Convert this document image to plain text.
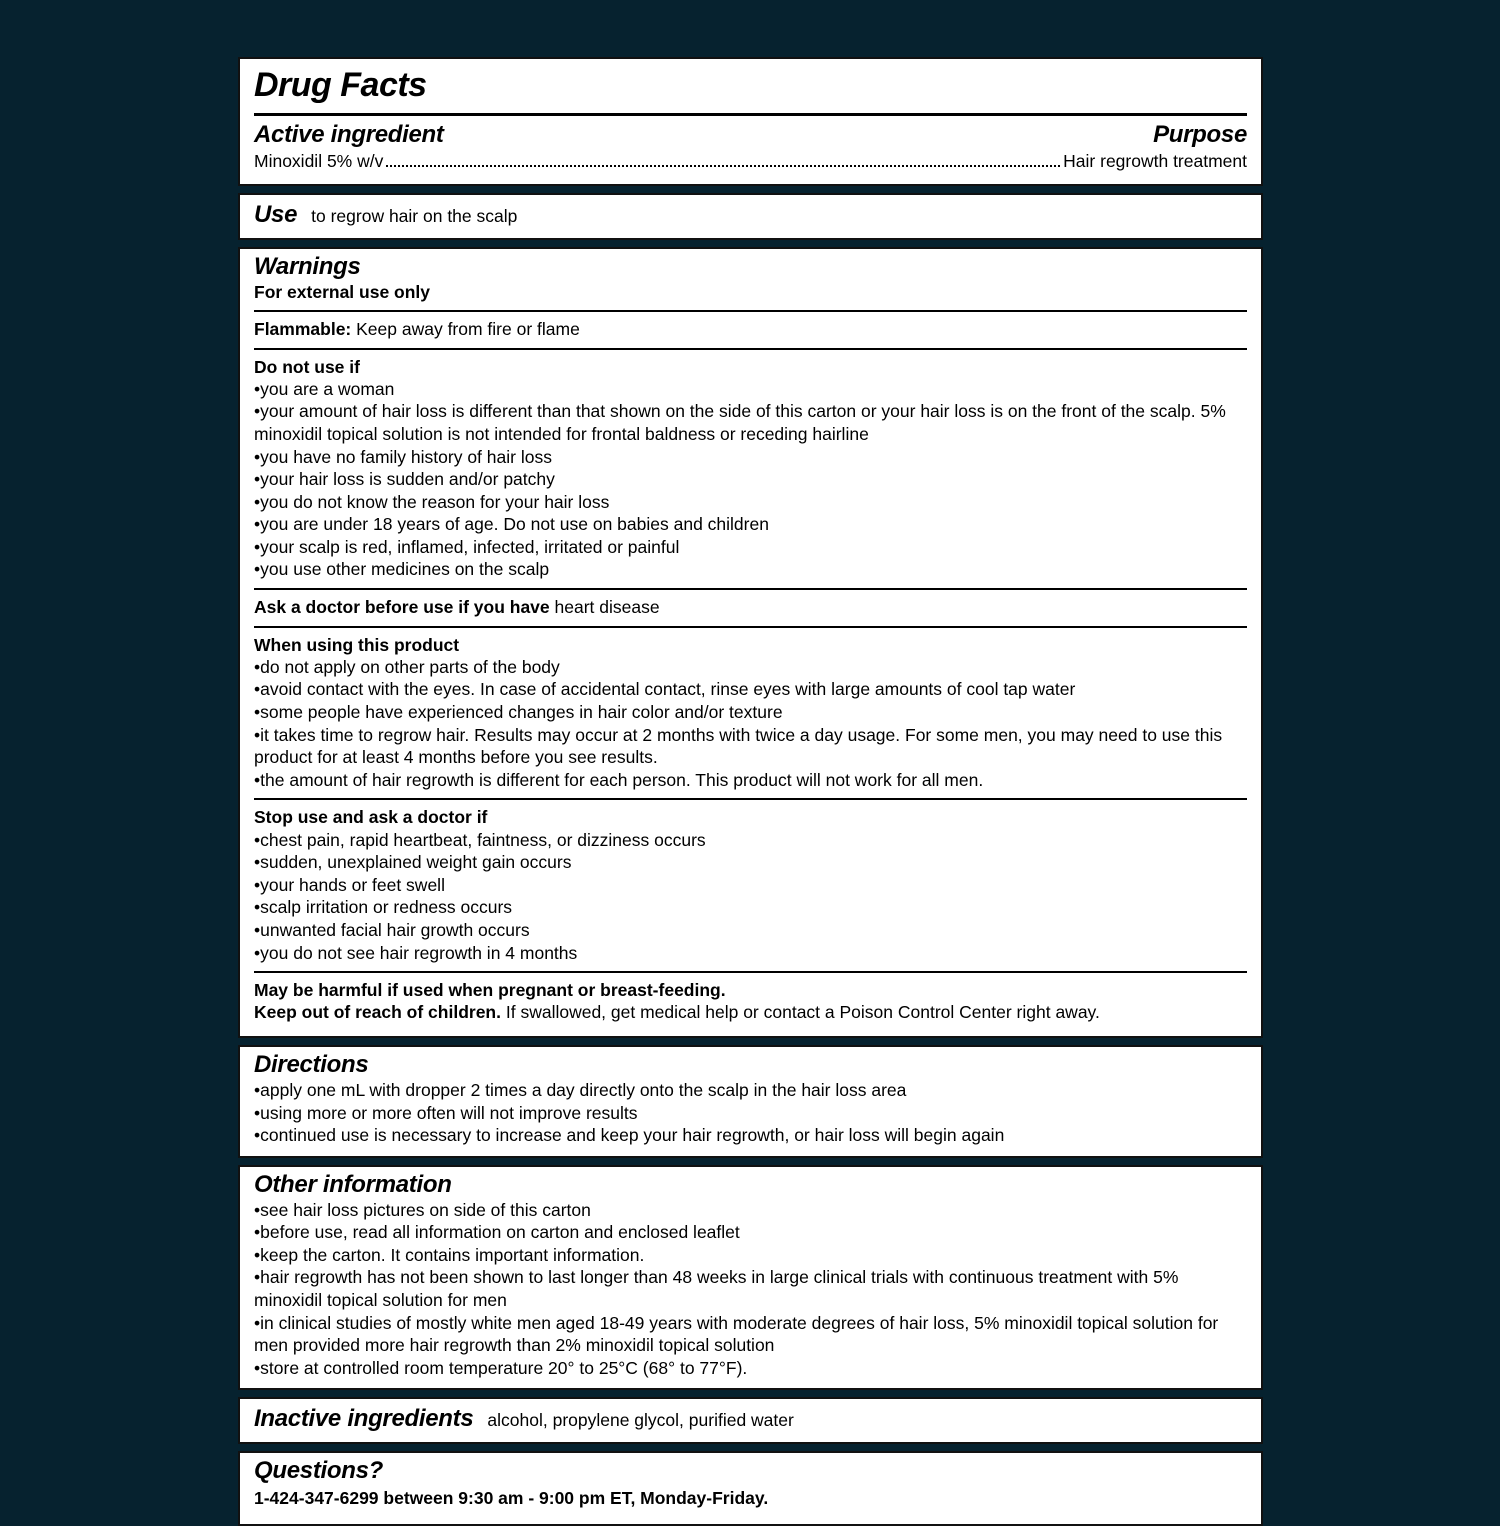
Drug Facts
Active ingredient	Purpose
Minoxidil 5% w/v	Hair regrowth treatment
Use to regrow hair on the scalp
Warnings
For external use only
Flammable: Keep away from fire or flame
Do not use if
• you are a woman
• your amount of hair loss is different than that shown on the side of this carton or your hair loss is on the front of the scalp. 5% minoxidil topical solution is not intended for frontal baldness or receding hairline
• you have no family history of hair loss
• your hair loss is sudden and/or patchy
• you do not know the reason for your hair loss
• you are under 18 years of age. Do not use on babies and children
• your scalp is red, inflamed, infected, irritated or painful
• you use other medicines on the scalp
Ask a doctor before use if you have heart disease
When using this product
• do not apply on other parts of the body
• avoid contact with the eyes. In case of accidental contact, rinse eyes with large amounts of cool tap water
• some people have experienced changes in hair color and/or texture
• it takes time to regrow hair. Results may occur at 2 months with twice a day usage. For some men, you may need to use this product for at least 4 months before you see results.
• the amount of hair regrowth is different for each person. This product will not work for all men.
Stop use and ask a doctor if
• chest pain, rapid heartbeat, faintness, or dizziness occurs
• sudden, unexplained weight gain occurs
• your hands or feet swell
• scalp irritation or redness occurs
• unwanted facial hair growth occurs
• you do not see hair regrowth in 4 months
May be harmful if used when pregnant or breast-feeding.
Keep out of reach of children. If swallowed, get medical help or contact a Poison Control Center right away.
Directions
• apply one mL with dropper 2 times a day directly onto the scalp in the hair loss area
• using more or more often will not improve results
• continued use is necessary to increase and keep your hair regrowth, or hair loss will begin again
Other information
• see hair loss pictures on side of this carton
• before use, read all information on carton and enclosed leaflet
• keep the carton. It contains important information.
• hair regrowth has not been shown to last longer than 48 weeks in large clinical trials with continuous treatment with 5% minoxidil topical solution for men
• in clinical studies of mostly white men aged 18-49 years with moderate degrees of hair loss, 5% minoxidil topical solution for men provided more hair regrowth than 2% minoxidil topical solution
• store at controlled room temperature 20° to 25°C (68° to 77°F).
Inactive ingredients alcohol, propylene glycol, purified water
Questions?
1-424-347-6299 between 9:30 am - 9:00 pm ET, Monday-Friday.
